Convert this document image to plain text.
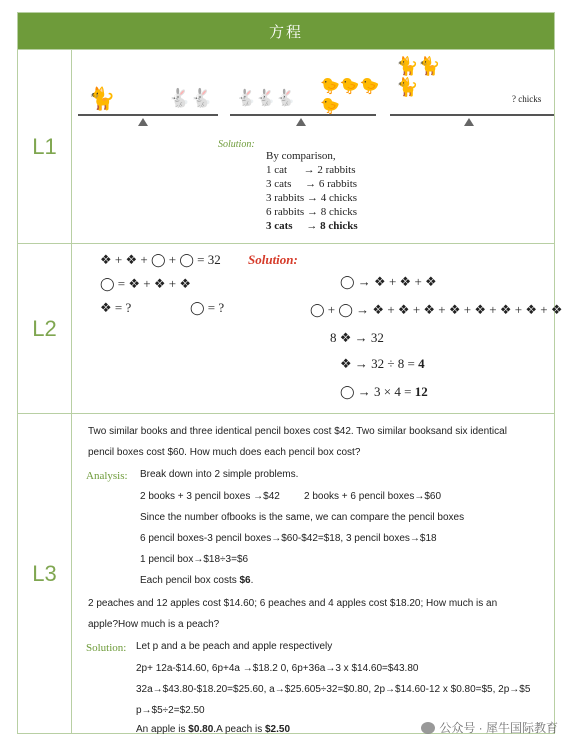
方程
L1
🐈	🐇🐇 🐇🐇🐇
🐤🐤🐤🐤
🐈🐈🐈
? chicks
Solution:
By comparison,
1 cat      → 2 rabbits
3 cats     → 6 rabbits
3 rabbits → 4 chicks
6 rabbits → 8 chicks
3 cats     → 8 chicks
L2
❖ + ❖ + ◯ + ◯ = 32
◯ = ❖ + ❖ + ❖
❖ = ?	◯ = ?
Solution:
◯ → ❖ + ❖ + ❖
◯ + ◯ → ❖ + ❖ + ❖ + ❖ + ❖ + ❖ + ❖ + ❖
8 ❖ → 32
❖ → 32 ÷ 8 = 4
◯ → 3 × 4 = 12
L3
Two similar books and three identical pencil boxes cost $42. Two similar booksand six identical
pencil boxes cost $60. How much does each pencil box cost?
Analysis: Break down into 2 simple problems.
2 books + 3 pencil boxes →$42 2 books + 6 pencil boxes→$60
Since the number ofbooks is the same, we can compare the pencil boxes
6 pencil boxes-3 pencil boxes→$60-$42=$18, 3 pencil boxes→$18
1 pencil box→$18÷3=$6
Each pencil box costs $6.
2 peaches and 12 apples cost $14.60; 6 peaches and 4 apples cost $18.20; How much is an
apple?How much is a peach?
Solution: Let p and a be peach and apple respectively
2p+ 12a-$14.60, 6p+4a →$18.2 0, 6p+36a→3 x $14.60=$43.80
32a→$43.80-$18.20=$25.60, a→$25.605÷32=$0.80, 2p→$14.60-12 x $0.80=$5, 2p→$5
p→$5÷2=$2.50
An apple is $0.80.A peach is $2.50	公众号 · 犀牛国际教育
